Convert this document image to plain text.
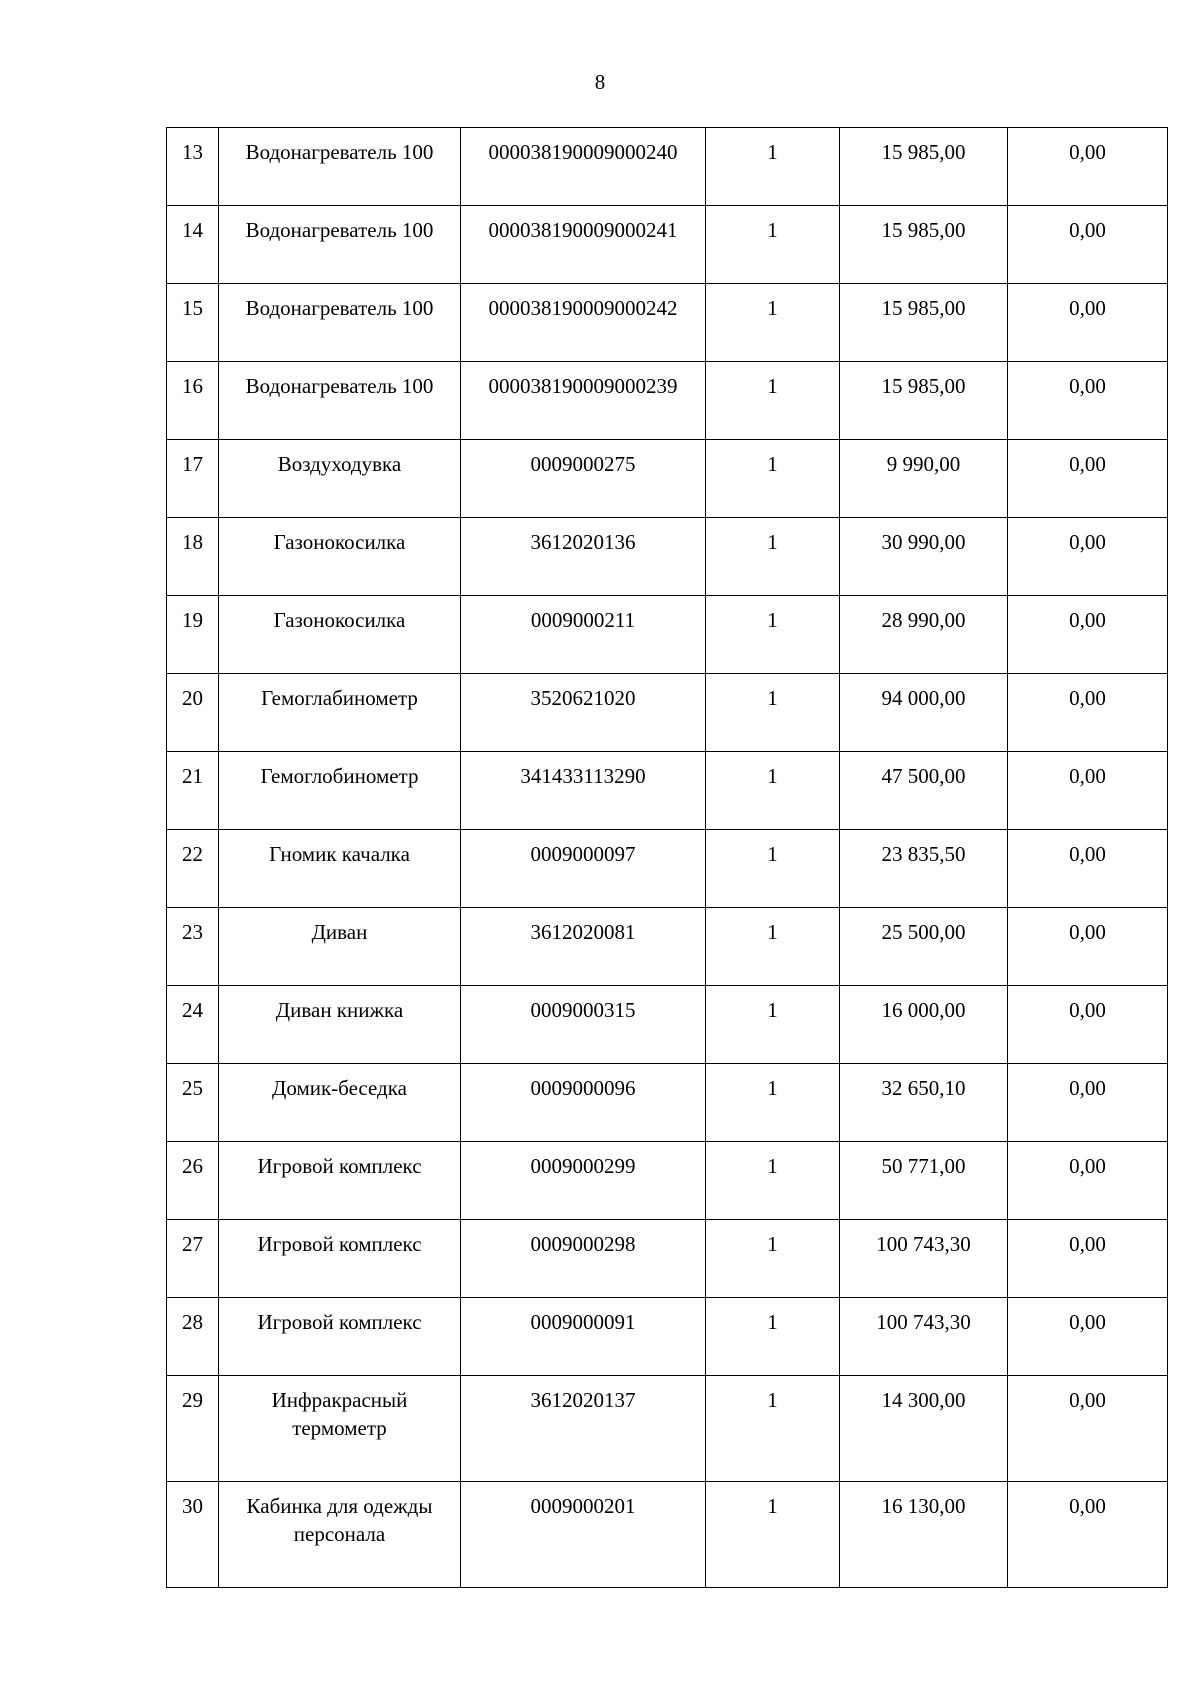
8
13	Водонагреватель 100	000038190009000240	1	15 985,00	0,00
14	Водонагреватель 100	000038190009000241	1	15 985,00	0,00
15	Водонагреватель 100	000038190009000242	1	15 985,00	0,00
16	Водонагреватель 100	000038190009000239	1	15 985,00	0,00
17	Воздуходувка	0009000275	1	9 990,00	0,00
18	Газонокосилка	3612020136	1	30 990,00	0,00
19	Газонокосилка	0009000211	1	28 990,00	0,00
20	Гемоглабинометр	3520621020	1	94 000,00	0,00
21	Гемоглобинометр	341433113290	1	47 500,00	0,00
22	Гномик качалка	0009000097	1	23 835,50	0,00
23	Диван	3612020081	1	25 500,00	0,00
24	Диван книжка	0009000315	1	16 000,00	0,00
25	Домик-беседка	0009000096	1	32 650,10	0,00
26	Игровой комплекс	0009000299	1	50 771,00	0,00
27	Игровой комплекс	0009000298	1	100 743,30	0,00
28	Игровой комплекс	0009000091	1	100 743,30	0,00
29	Инфракрасный термометр	3612020137	1	14 300,00	0,00
30	Кабинка для одежды персонала	0009000201	1	16 130,00	0,00
